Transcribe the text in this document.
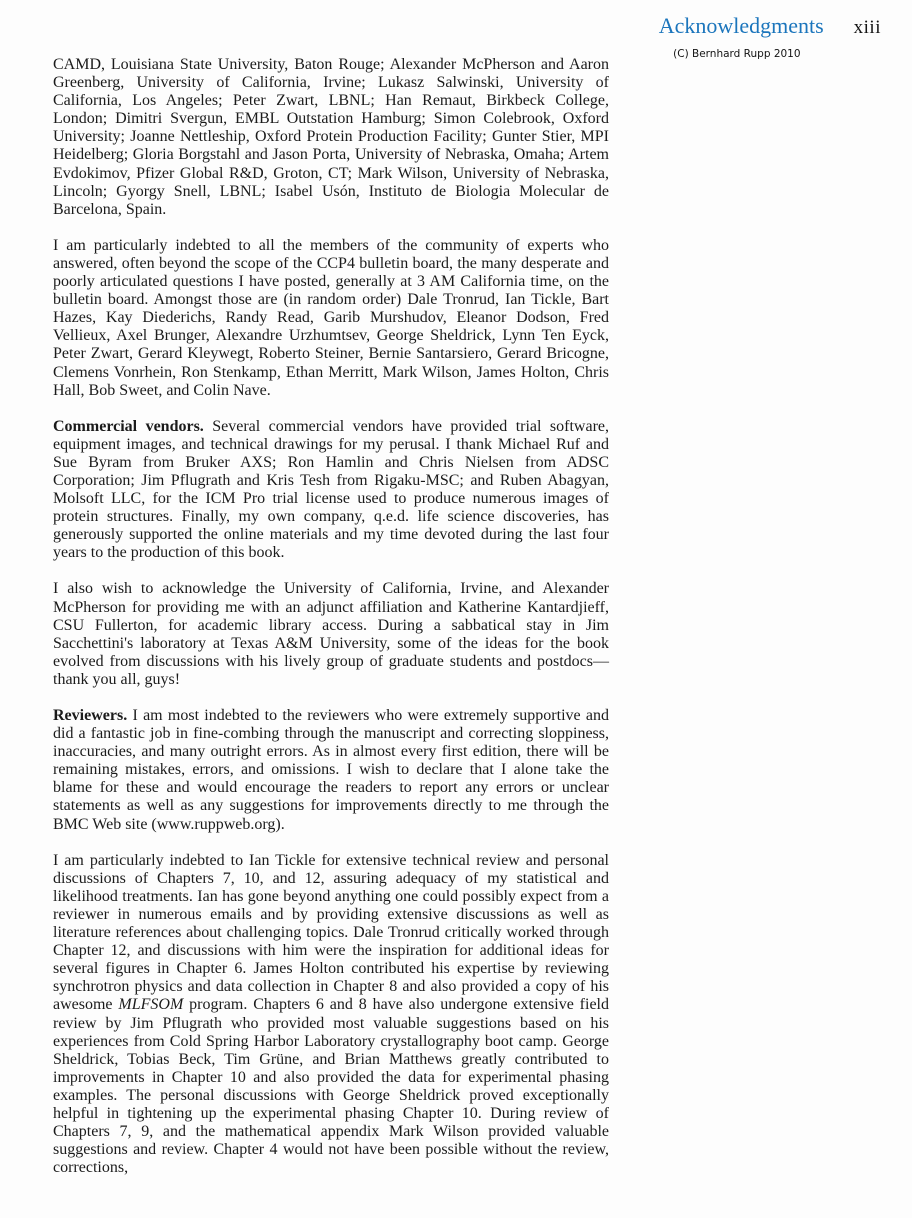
Acknowledgments xiii
(C) Bernhard Rupp 2010

CAMD, Louisiana State University, Baton Rouge; Alexander McPherson and Aaron Greenberg, University of California, Irvine; Lukasz Salwinski, University of California, Los Angeles; Peter Zwart, LBNL; Han Remaut, Birkbeck College, London; Dimitri Svergun, EMBL Outstation Hamburg; Simon Colebrook, Oxford University; Joanne Nettleship, Oxford Protein Production Facility; Gunter Stier, MPI Heidelberg; Gloria Borgstahl and Jason Porta, University of Nebraska, Omaha; Artem Evdokimov, Pfizer Global R&D, Groton, CT; Mark Wilson, University of Nebraska, Lincoln; Gyorgy Snell, LBNL; Isabel Usón, Instituto de Biologia Molecular de Barcelona, Spain.

I am particularly indebted to all the members of the community of experts who answered, often beyond the scope of the CCP4 bulletin board, the many desperate and poorly articulated questions I have posted, generally at 3 AM California time, on the bulletin board. Amongst those are (in random order) Dale Tronrud, Ian Tickle, Bart Hazes, Kay Diederichs, Randy Read, Garib Murshudov, Eleanor Dodson, Fred Vellieux, Axel Brunger, Alexandre Urzhumtsev, George Sheldrick, Lynn Ten Eyck, Peter Zwart, Gerard Kleywegt, Roberto Steiner, Bernie Santarsiero, Gerard Bricogne, Clemens Vonrhein, Ron Stenkamp, Ethan Merritt, Mark Wilson, James Holton, Chris Hall, Bob Sweet, and Colin Nave.

Commercial vendors. Several commercial vendors have provided trial software, equipment images, and technical drawings for my perusal. I thank Michael Ruf and Sue Byram from Bruker AXS; Ron Hamlin and Chris Nielsen from ADSC Corporation; Jim Pflugrath and Kris Tesh from Rigaku-MSC; and Ruben Abagyan, Molsoft LLC, for the ICM Pro trial license used to produce numerous images of protein structures. Finally, my own company, q.e.d. life science discoveries, has generously supported the online materials and my time devoted during the last four years to the production of this book.

I also wish to acknowledge the University of California, Irvine, and Alexander McPherson for providing me with an adjunct affiliation and Katherine Kantardjieff, CSU Fullerton, for academic library access. During a sabbatical stay in Jim Sacchettini's laboratory at Texas A&M University, some of the ideas for the book evolved from discussions with his lively group of graduate students and postdocs—thank you all, guys!

Reviewers. I am most indebted to the reviewers who were extremely supportive and did a fantastic job in fine-combing through the manuscript and correcting sloppiness, inaccuracies, and many outright errors. As in almost every first edition, there will be remaining mistakes, errors, and omissions. I wish to declare that I alone take the blame for these and would encourage the readers to report any errors or unclear statements as well as any suggestions for improvements directly to me through the BMC Web site (www.ruppweb.org).

I am particularly indebted to Ian Tickle for extensive technical review and personal discussions of Chapters 7, 10, and 12, assuring adequacy of my statistical and likelihood treatments. Ian has gone beyond anything one could possibly expect from a reviewer in numerous emails and by providing extensive discussions as well as literature references about challenging topics. Dale Tronrud critically worked through Chapter 12, and discussions with him were the inspiration for additional ideas for several figures in Chapter 6. James Holton contributed his expertise by reviewing synchrotron physics and data collection in Chapter 8 and also provided a copy of his awesome MLFSOM program. Chapters 6 and 8 have also undergone extensive field review by Jim Pflugrath who provided most valuable suggestions based on his experiences from Cold Spring Harbor Laboratory crystallography boot camp. George Sheldrick, Tobias Beck, Tim Grüne, and Brian Matthews greatly contributed to improvements in Chapter 10 and also provided the data for experimental phasing examples. The personal discussions with George Sheldrick proved exceptionally helpful in tightening up the experimental phasing Chapter 10. During review of Chapters 7, 9, and the mathematical appendix Mark Wilson provided valuable suggestions and review. Chapter 4 would not have been possible without the review, corrections,
